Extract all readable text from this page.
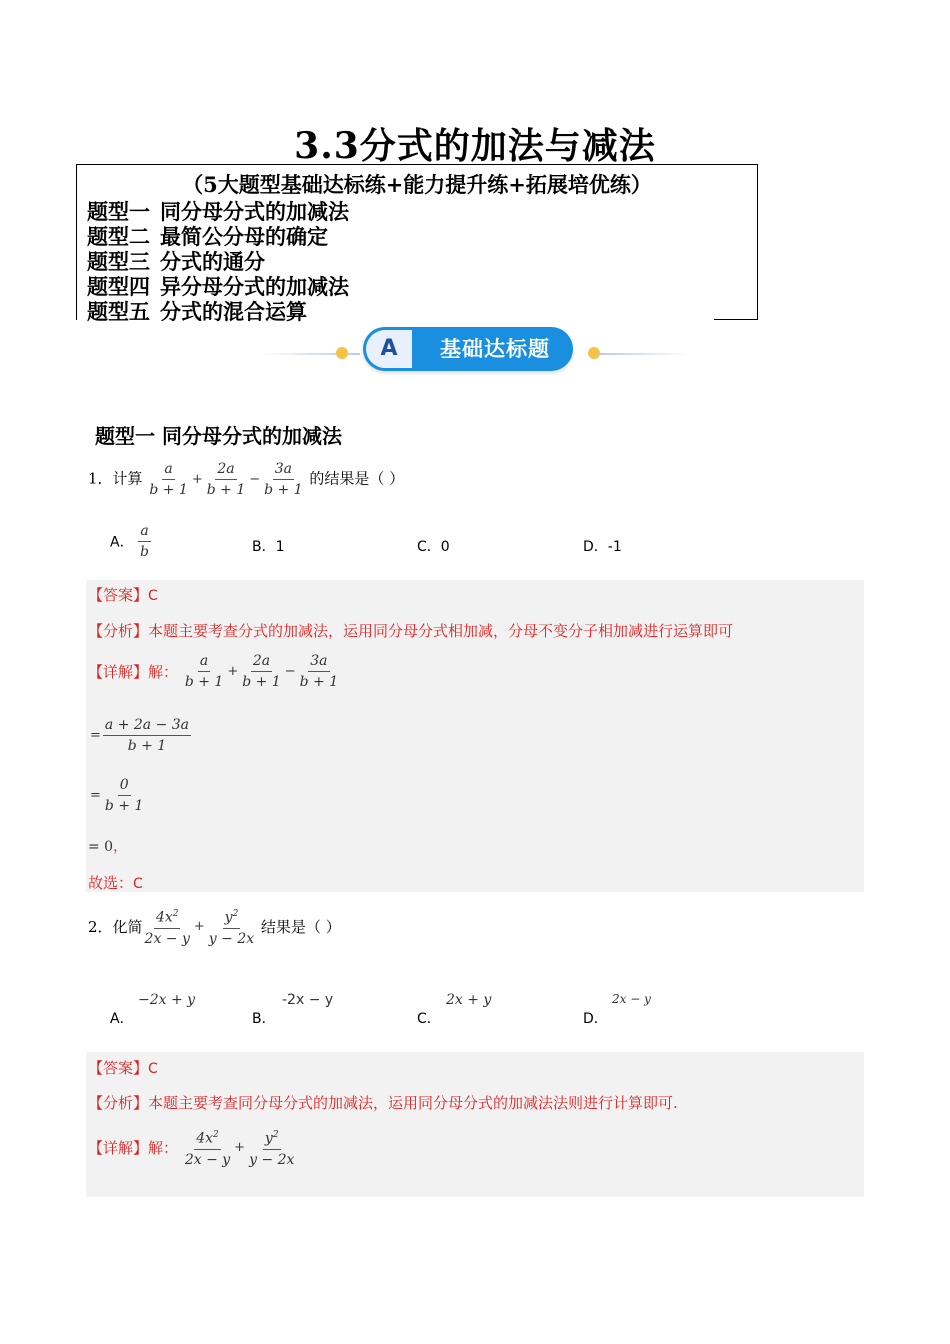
3.3分式的加法与减法
（5大题型基础达标练+能力提升练+拓展培优练）
题型一 同分母分式的加减法
题型二 最简公分母的确定
题型三 分式的通分
题型四 异分母分式的加减法
题型五 分式的混合运算
A	基础达标题
题型一 同分母分式的加减法
1．计算 $\frac{a}{b + 1} + \frac{2a}{b + 1} - \frac{3a}{b + 1}$ 的结果是（ ）
A． $\frac{a}{b}$	B．1	C．0	D．-1
【答案】C
【分析】本题主要考查分式的加减法，运用同分母分式相加减，分母不变分子相加减进行运算即可
【详解】解： $\frac{a}{b + 1} + \frac{2a}{b + 1} - \frac{3a}{b + 1}$
= $\frac{a + 2a - 3a}{b + 1}$
= $\frac{0}{b + 1}$
= 0，
故选：C
2．化简 $\frac{4x^2}{2x - y} + \frac{y^2}{y - 2x}$ 结果是（ ）
A．
−2x + y
B．
-2x − y
C．
2x + y
D．
2x − y
【答案】C
【分析】本题主要考查同分母分式的加减法，运用同分母分式的加减法法则进行计算即可.
【详解】解： $\frac{4x^2}{2x - y} + \frac{y^2}{y - 2x}$
